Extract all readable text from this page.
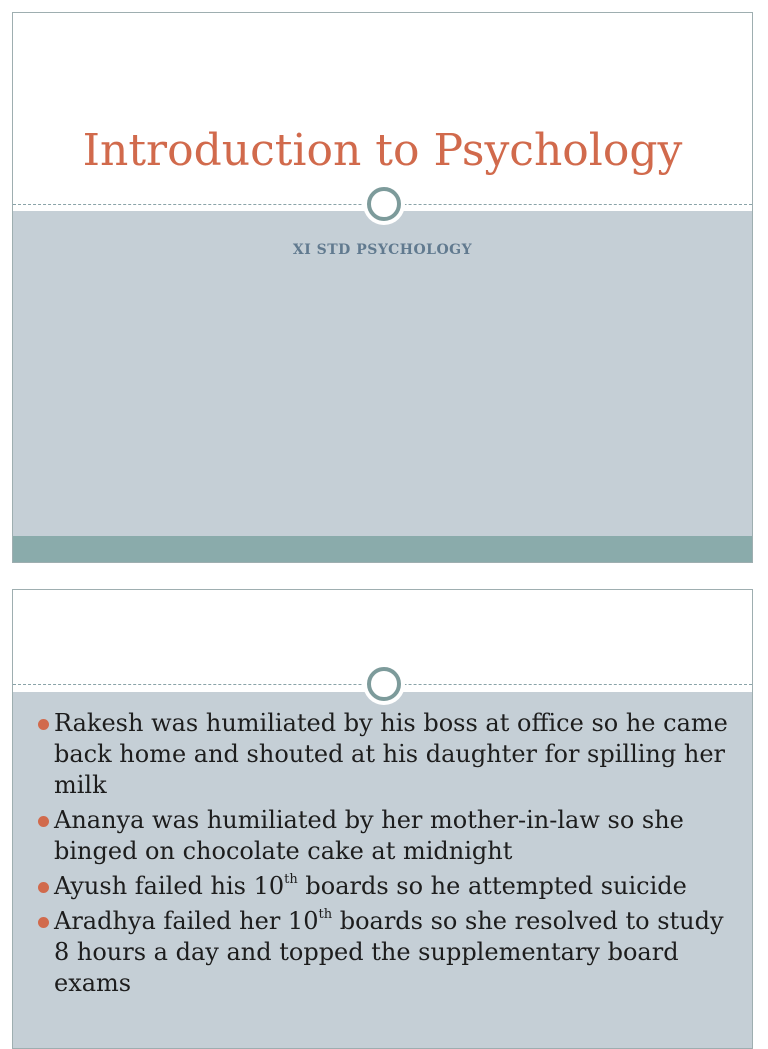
Introduction to Psychology
XI STD PSYCHOLOGY
Rakesh was humiliated by his boss at office so he came back home and shouted at his daughter for spilling her milk
Ananya was humiliated by her mother-in-law so she binged on chocolate cake at midnight
Ayush failed his 10th boards so he attempted suicide
Aradhya failed her 10th boards so she resolved to study 8 hours a day and topped the supplementary board exams
